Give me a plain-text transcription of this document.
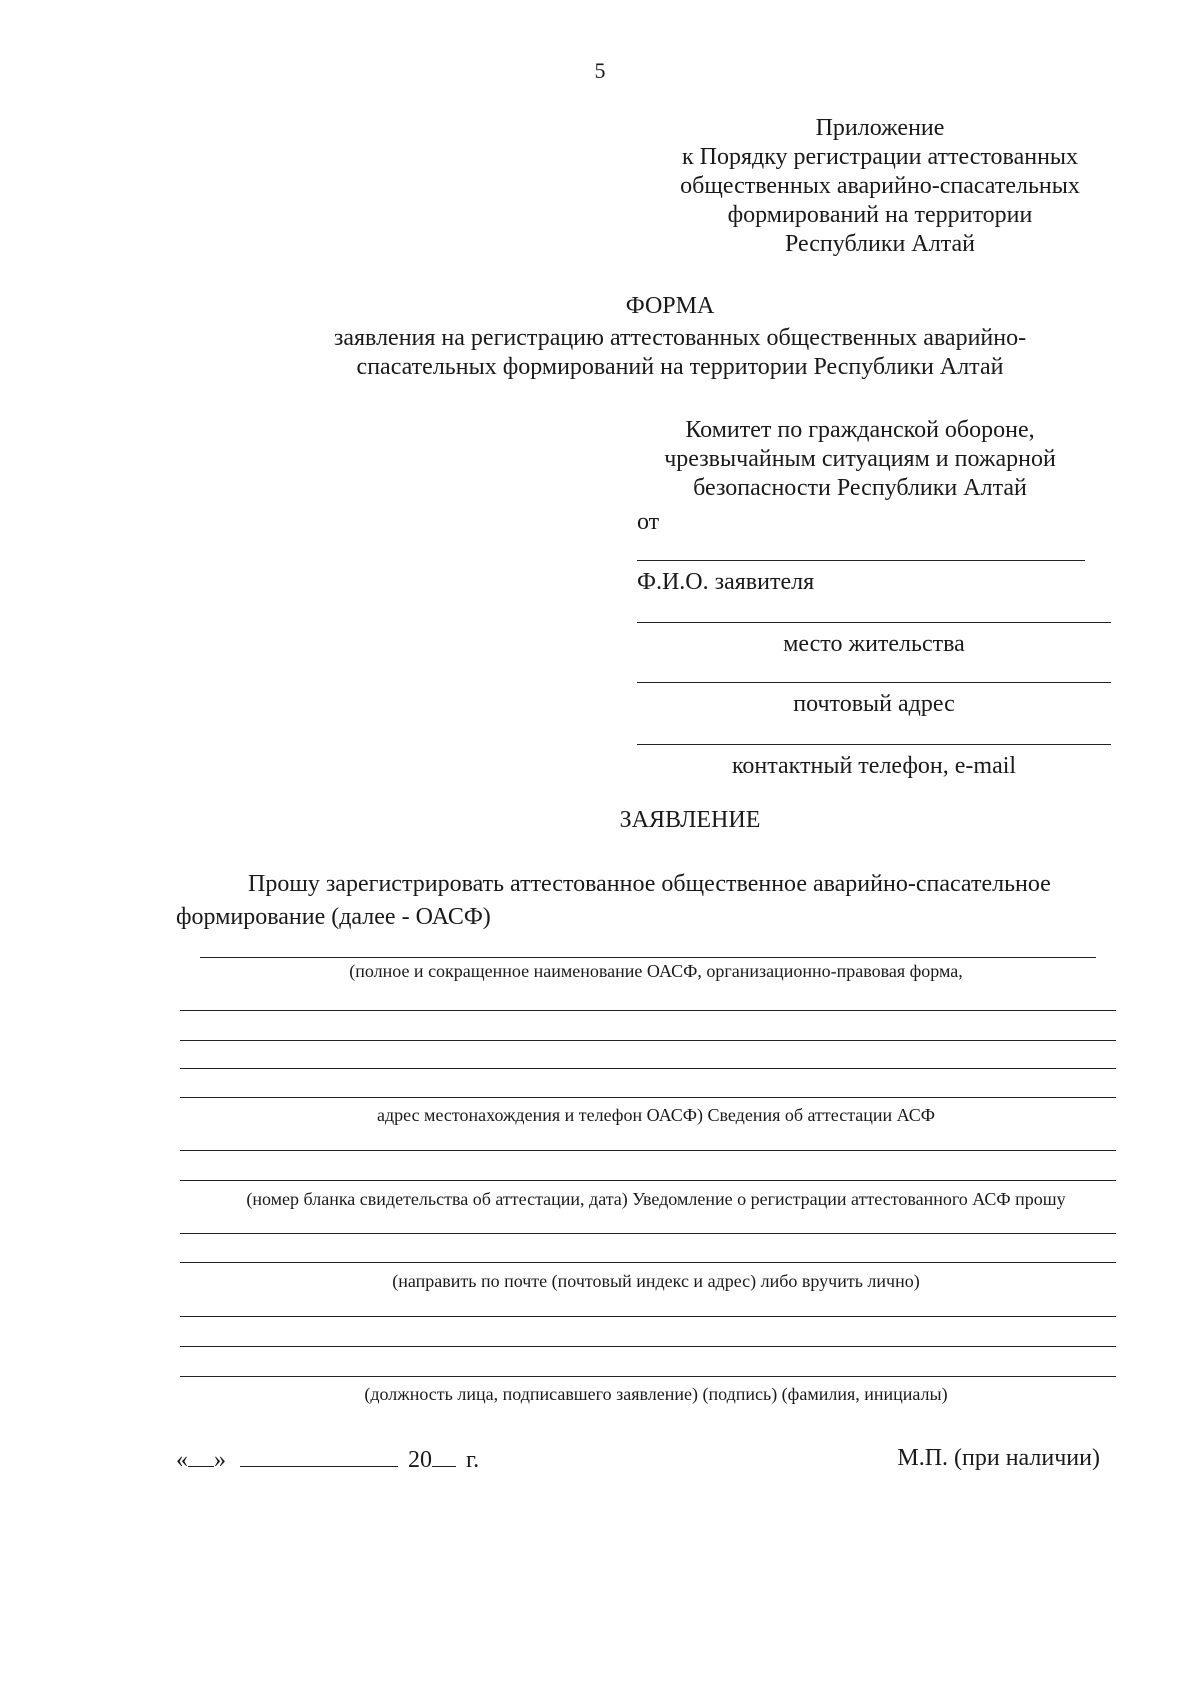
5
Приложение
к Порядку регистрации аттестованных
общественных аварийно-спасательных
формирований на территории
Республики Алтай
ФОРМА
заявления на регистрацию аттестованных общественных аварийно-
спасательных формирований на территории Республики Алтай
Комитет по гражданской обороне,
чрезвычайным ситуациям и пожарной
безопасности Республики Алтай
от
Ф.И.О. заявителя
место жительства
почтовый адрес
контактный телефон, e-mail
ЗАЯВЛЕНИЕ
Прошу зарегистрировать аттестованное общественное аварийно-спасательное формирование (далее - ОАСФ)
(полное и сокращенное наименование ОАСФ, организационно-правовая форма,
адрес местонахождения и телефон ОАСФ) Сведения об аттестации АСФ
(номер бланка свидетельства об аттестации, дата) Уведомление о регистрации аттестованного АСФ прошу
(направить по почте (почтовый индекс и адрес) либо вручить лично)
(должность лица, подписавшего заявление) (подпись) (фамилия, инициалы)
« »	20 г.	М.П. (при наличии)
